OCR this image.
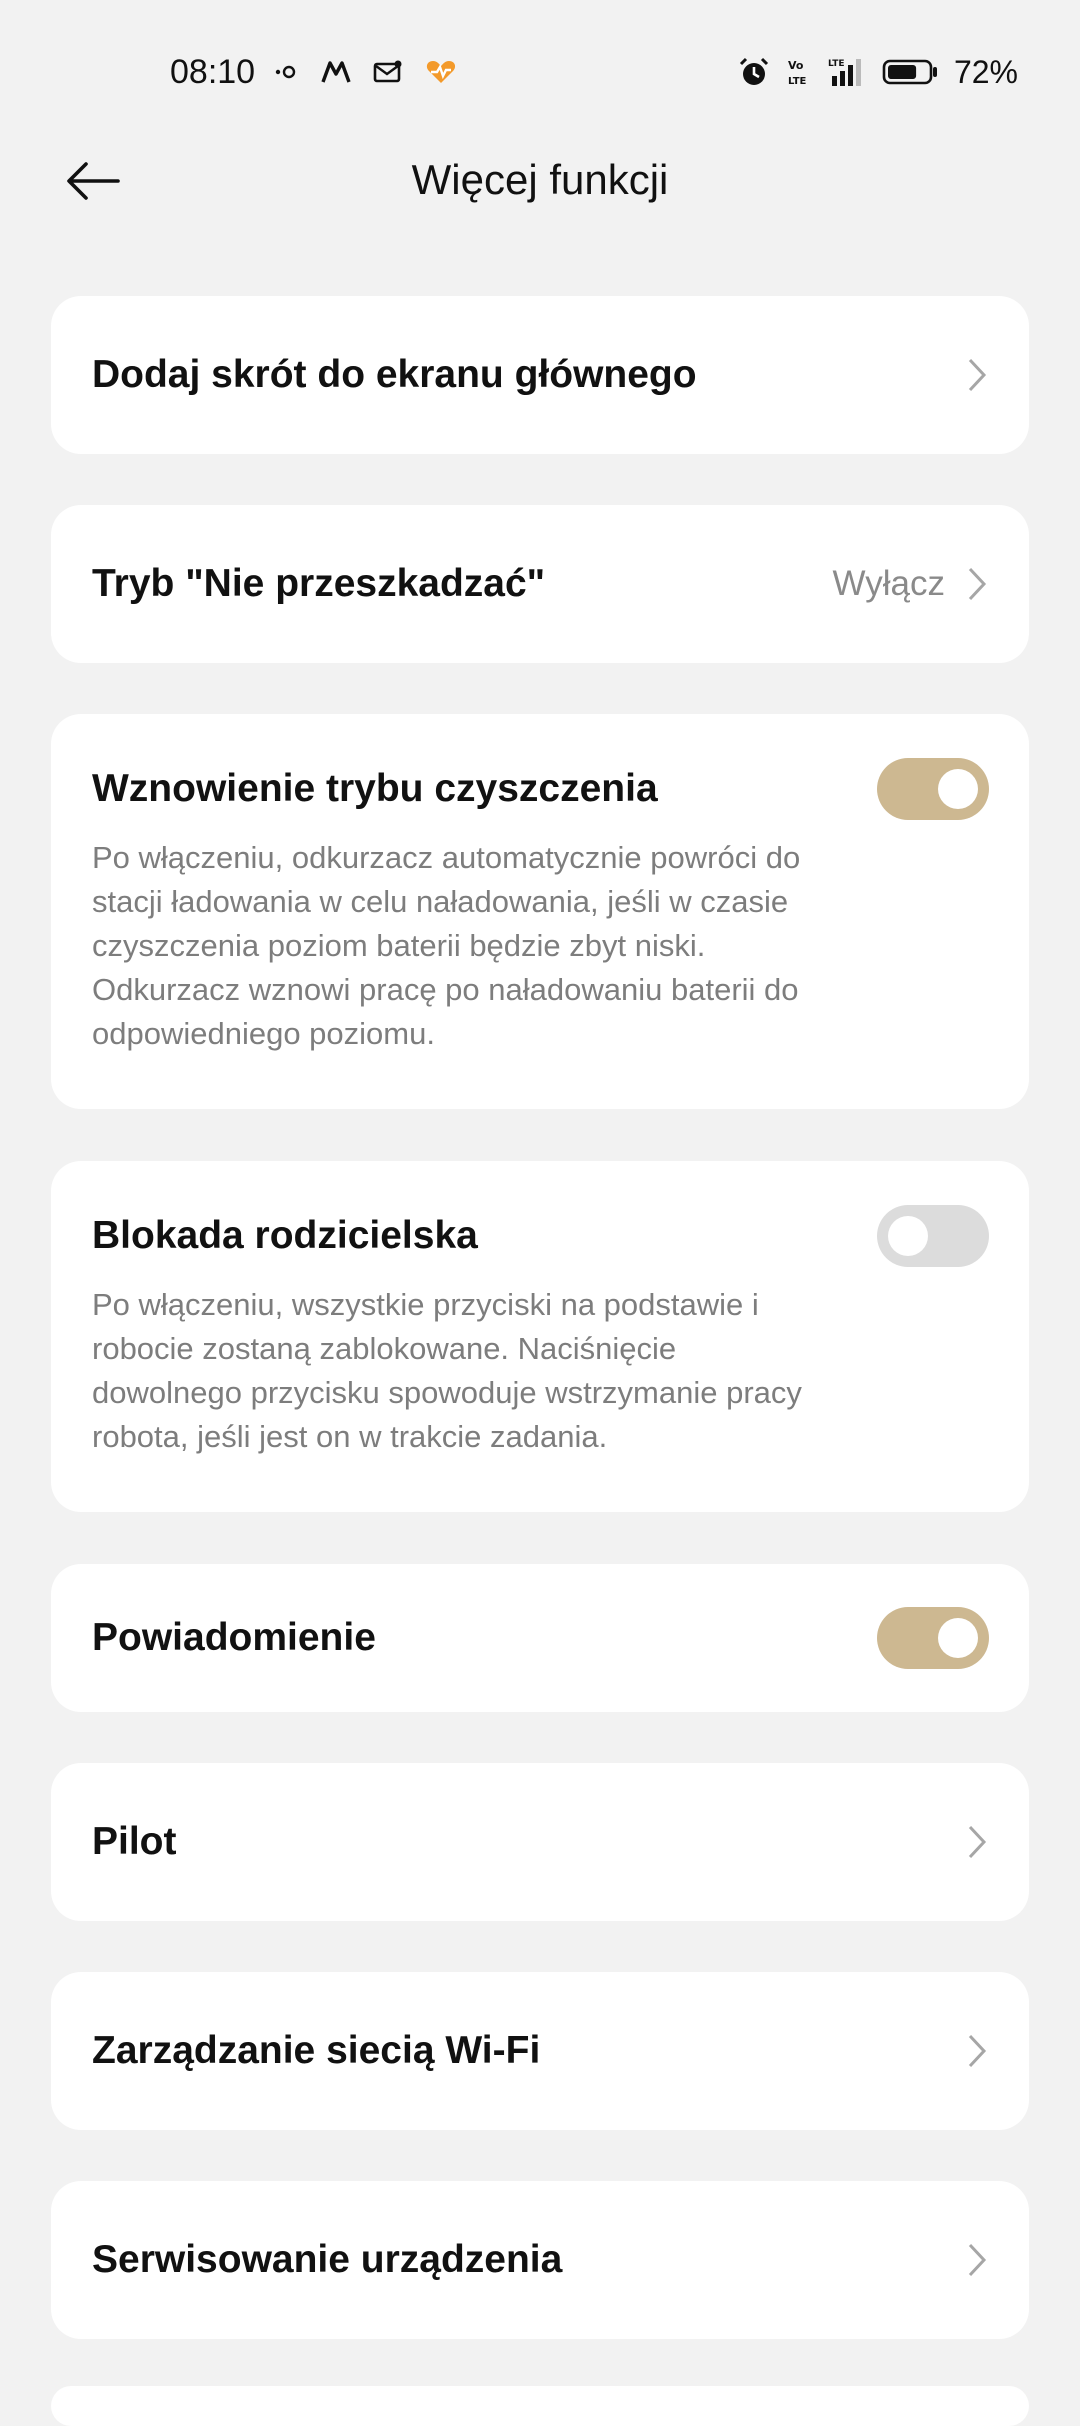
08:10	Vo
LTE
LTE	72%
Więcej funkcji
Dodaj skrót do ekranu głównego
Tryb "Nie przeszkadzać"	Wyłącz
Wznowienie trybu czyszczenia
Po włączeniu, odkurzacz automatycznie powróci do stacji ładowania w celu naładowania, jeśli w czasie czyszczenia poziom baterii będzie zbyt niski. Odkurzacz wznowi pracę po naładowaniu baterii do odpowiedniego poziomu.
Blokada rodzicielska
Po włączeniu, wszystkie przyciski na podstawie i robocie zostaną zablokowane. Naciśnięcie dowolnego przycisku spowoduje wstrzymanie pracy robota, jeśli jest on w trakcie zadania.
Powiadomienie
Pilot
Zarządzanie siecią Wi-Fi
Serwisowanie urządzenia
